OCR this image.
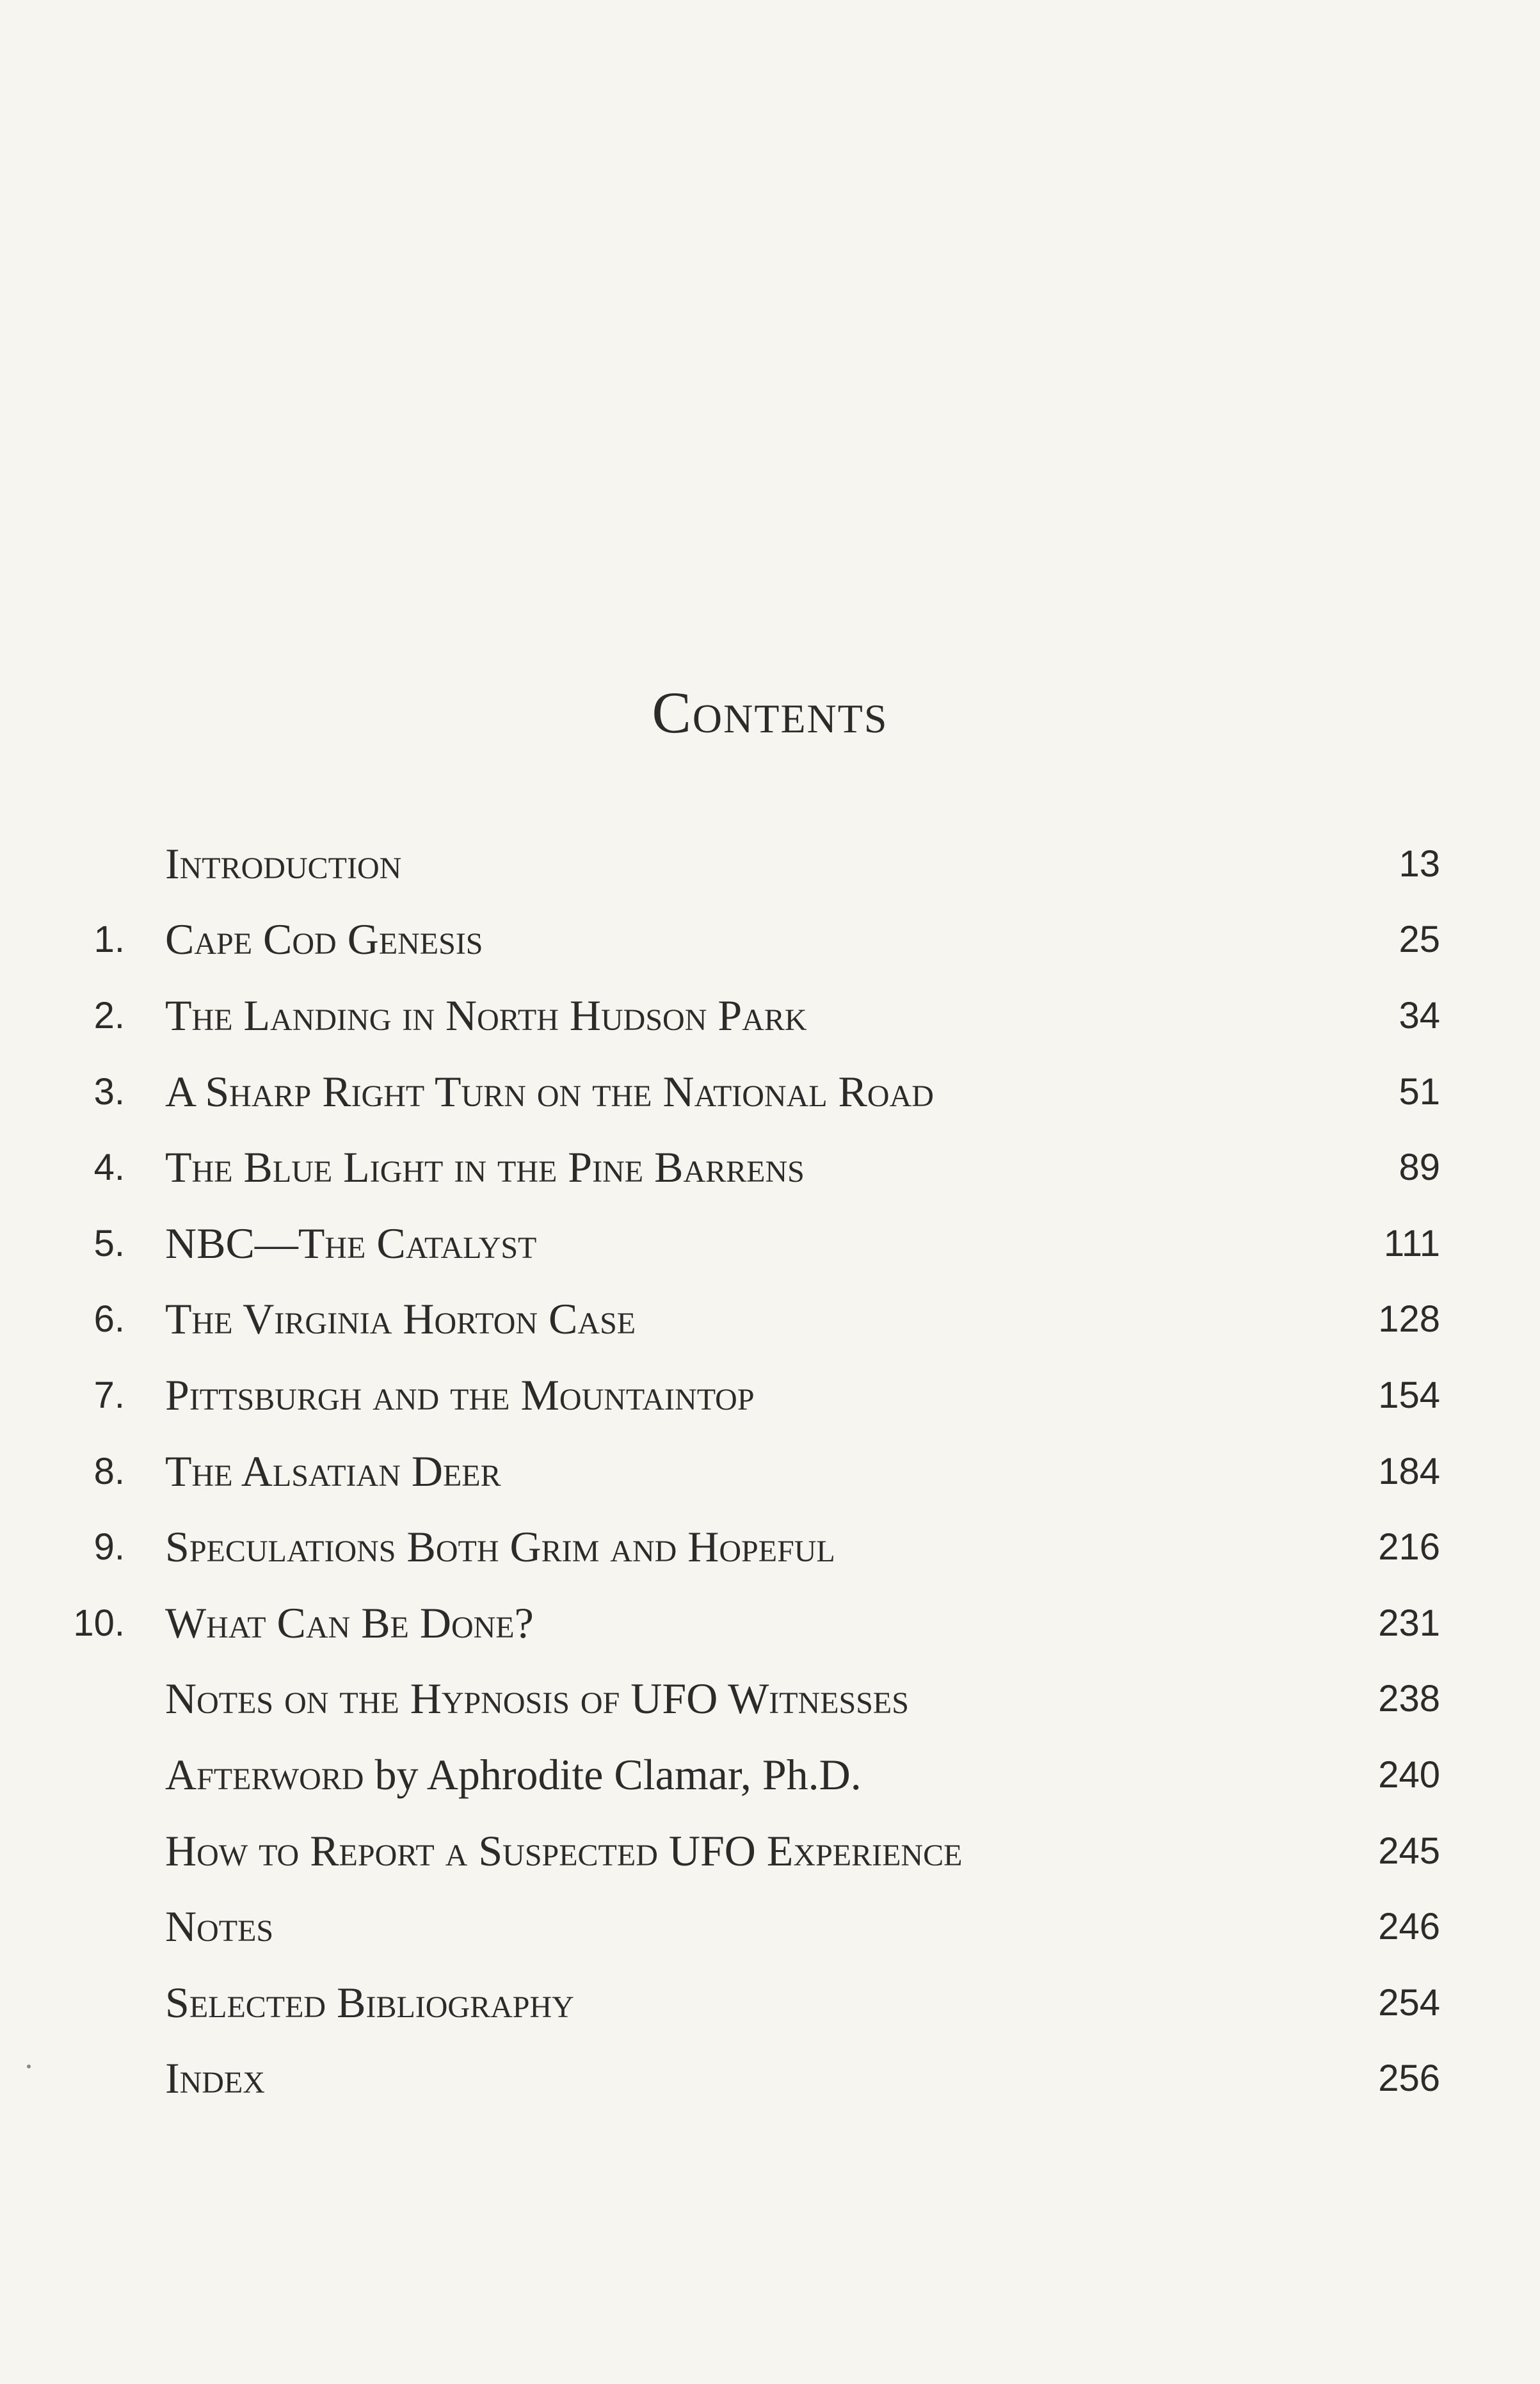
Contents
Introduction	13
1. Cape Cod Genesis	25
2. The Landing in North Hudson Park	34
3. A Sharp Right Turn on the National Road	51
4. The Blue Light in the Pine Barrens	89
5. NBC—The Catalyst	111
6. The Virginia Horton Case	128
7. Pittsburgh and the Mountaintop	154
8. The Alsatian Deer	184
9. Speculations Both Grim and Hopeful	216
10. What Can Be Done?	231
Notes on the Hypnosis of UFO Witnesses	238
Afterword by Aphrodite Clamar, Ph.D.	240
How to Report a Suspected UFO Experience	245
Notes	246
Selected Bibliography	254
Index	256
